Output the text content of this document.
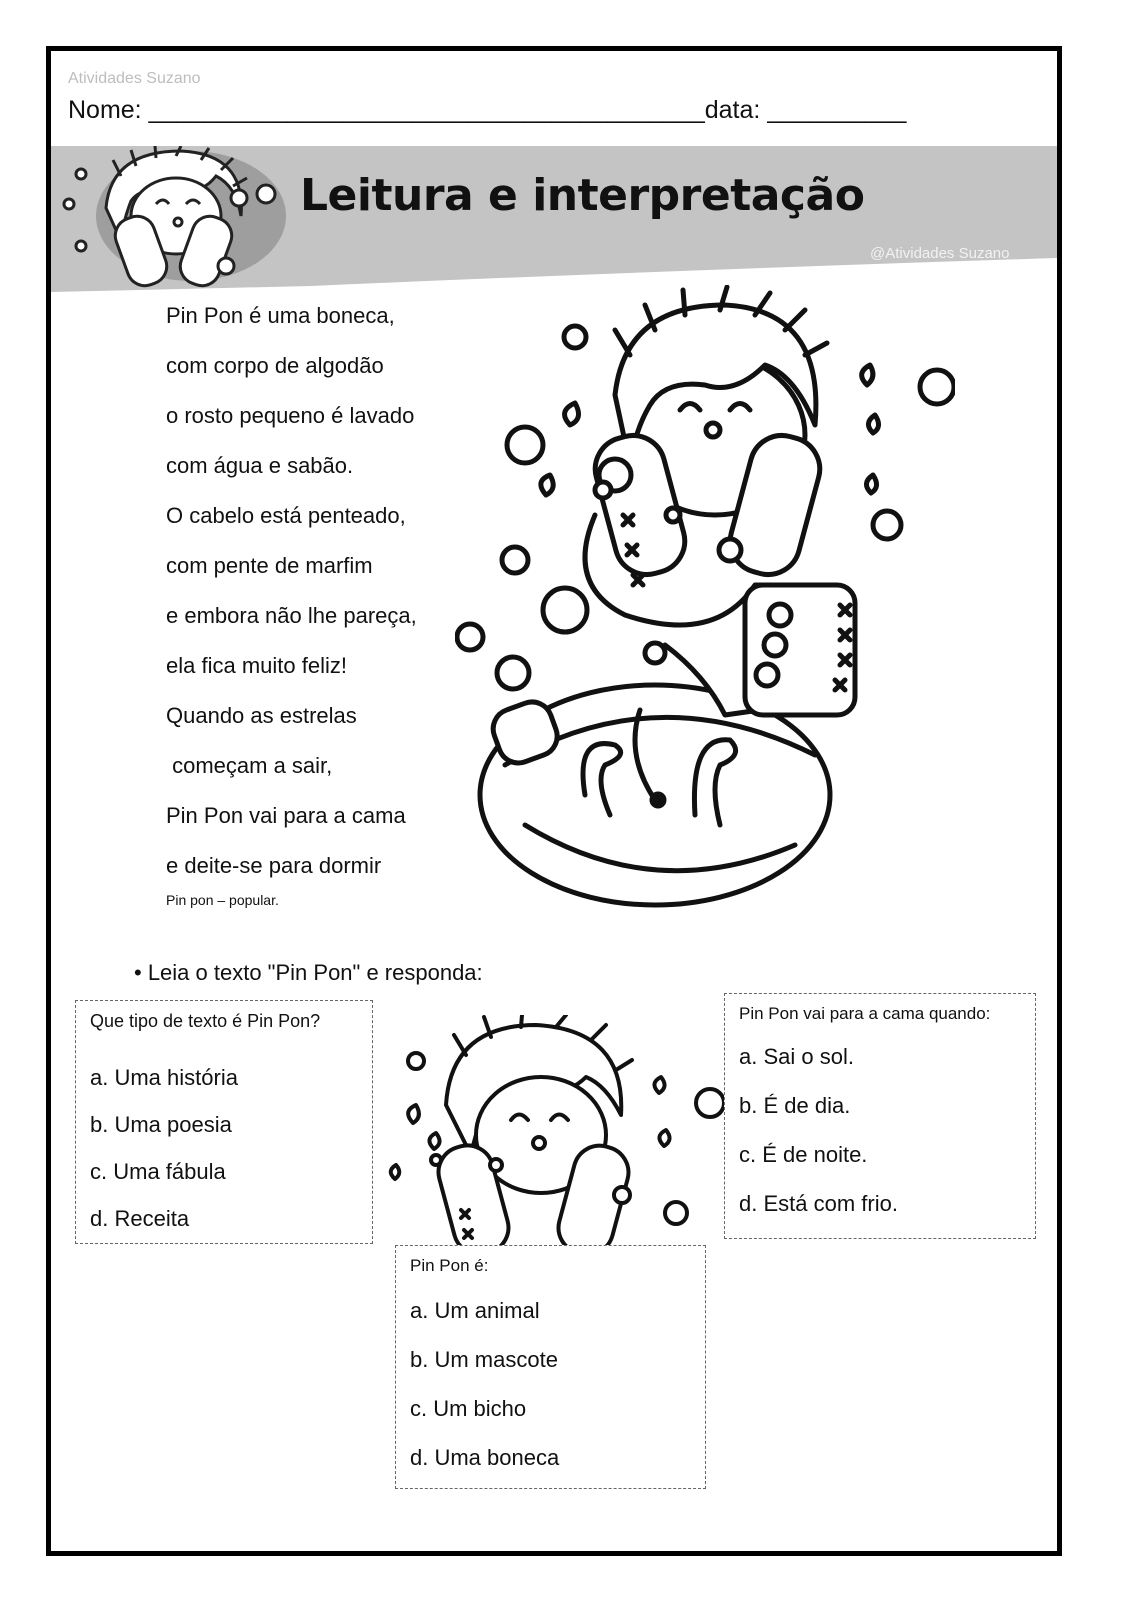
Atividades Suzano
Nome: ________________________________________data: __________
Leitura e interpretação
@Atividades Suzano
Pin Pon é uma boneca,
com corpo de algodão
o rosto pequeno é lavado
com água e sabão.
O cabelo está penteado,
com pente de marfim
e embora não lhe pareça,
ela fica muito feliz!
Quando as estrelas
começam a sair,
Pin Pon vai para a cama
e deite-se para dormir
Pin pon – popular.
• Leia o texto "Pin Pon" e responda:
Que tipo de texto é Pin Pon?
a. Uma história
b. Uma poesia
c. Uma fábula
d. Receita
Pin Pon vai para a cama quando:
a. Sai o sol.
b. É de dia.
c. É de noite.
d. Está com frio.
Pin Pon é:
a. Um animal
b. Um mascote
c. Um bicho
d. Uma boneca
